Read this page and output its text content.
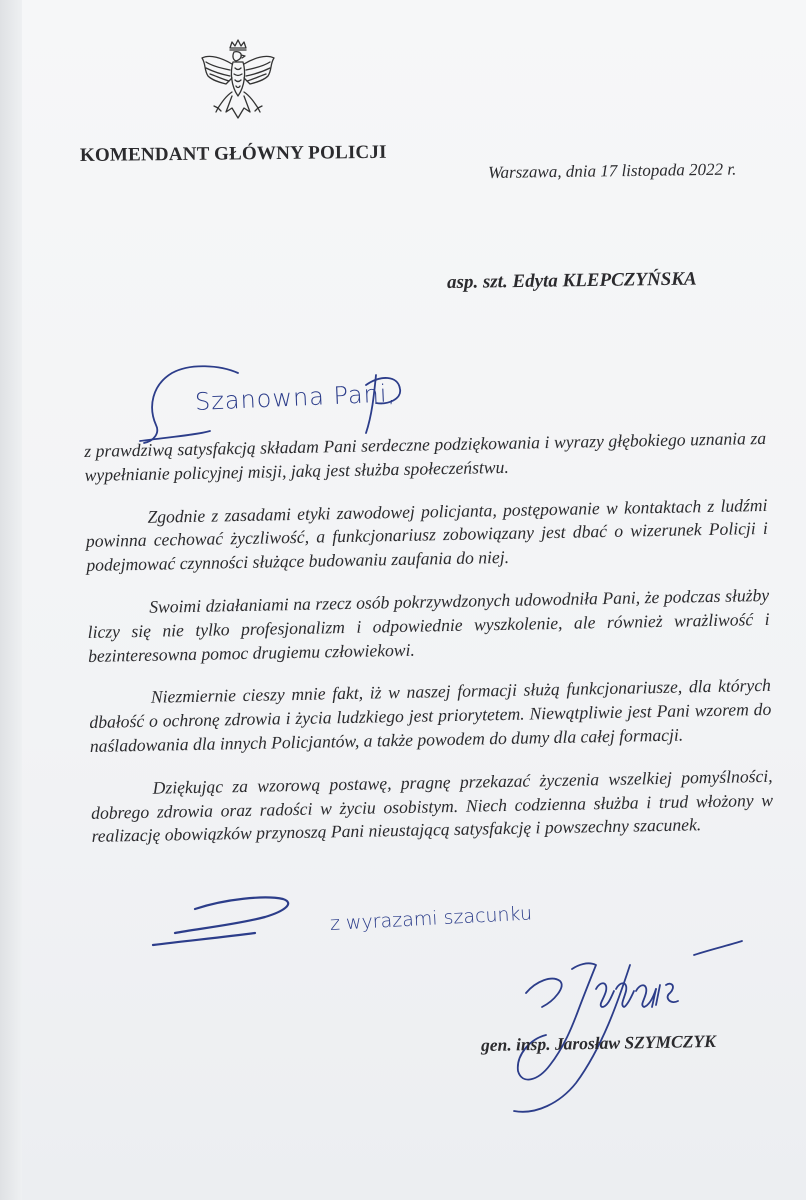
KOMENDANT GŁÓWNY POLICJI
Warszawa, dnia 17 listopada 2022 r.
asp. szt. Edyta KLEPCZYŃSKA
Szanowna Pani,

z prawdziwą satysfakcją składam Pani serdeczne podziękowania i wyrazy głębokiego uznania za wypełnianie policyjnej misji, jaką jest służba społeczeństwu.

Zgodnie z zasadami etyki zawodowej policjanta, postępowanie w kontaktach z ludźmi powinna cechować życzliwość, a funkcjonariusz zobowiązany jest dbać o wizerunek Policji i podejmować czynności służące budowaniu zaufania do niej.

Swoimi działaniami na rzecz osób pokrzywdzonych udowodniła Pani, że podczas służby liczy się nie tylko profesjonalizm i odpowiednie wyszkolenie, ale również wrażliwość i bezinteresowna pomoc drugiemu człowiekowi.

Niezmiernie cieszy mnie fakt, iż w naszej formacji służą funkcjonariusze, dla których dbałość o ochronę zdrowia i życia ludzkiego jest priorytetem. Niewątpliwie jest Pani wzorem do naśladowania dla innych Policjantów, a także powodem do dumy dla całej formacji.

Dziękując za wzorową postawę, pragnę przekazać życzenia wszelkiej pomyślności, dobrego zdrowia oraz radości w życiu osobistym. Niech codzienna służba i trud włożony w realizację obowiązków przynoszą Pani nieustającą satysfakcję i powszechny szacunek.

z wyrazami szacunku
gen. insp. Jarosław SZYMCZYK
